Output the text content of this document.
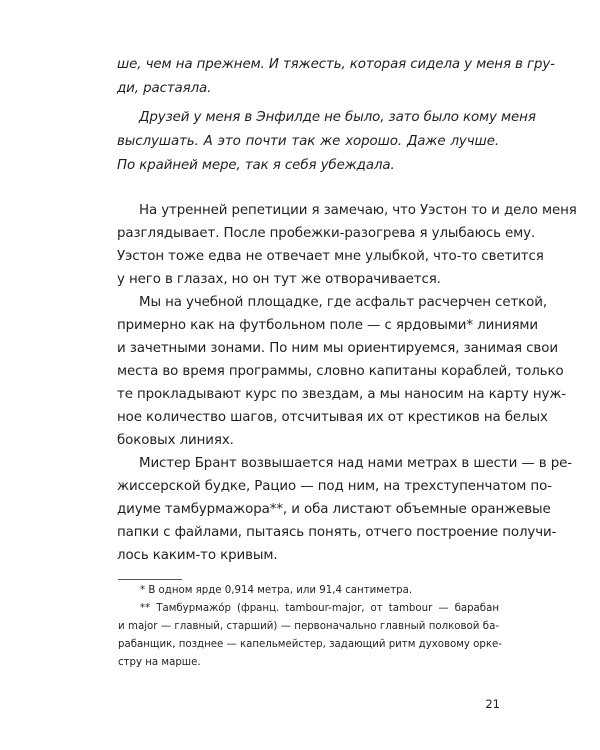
ше, чем на прежнем. И тяжесть, которая сидела у меня в гру-
ди, растаяла.
Друзей у меня в Энфилде не было, зато было кому меня
выслушать. А это почти так же хорошо. Даже лучше.
По крайней мере, так я себя убеждала.
На утренней репетиции я замечаю, что Уэстон то и дело меня
разглядывает. После пробежки-разогрева я улыбаюсь ему.
Уэстон тоже едва не отвечает мне улыбкой, что-то светится
у него в глазах, но он тут же отворачивается.
Мы на учебной площадке, где асфальт расчерчен сеткой,
примерно как на футбольном поле — с ярдовыми* линиями
и зачетными зонами. По ним мы ориентируемся, занимая свои
места во время программы, словно капитаны кораблей, только
те прокладывают курс по звездам, а мы наносим на карту нуж-
ное количество шагов, отсчитывая их от крестиков на белых
боковых линиях.
Мистер Брант возвышается над нами метрах в шести — в ре-
жиссерской будке, Рацио — под ним, на трехступенчатом по-
диуме тамбурмажора**, и оба листают объемные оранжевые
папки с файлами, пытаясь понять, отчего построение получи-
лось каким-то кривым.
* В одном ярде 0,914 метра, или 91,4 сантиметра.
** Тамбурмажо́р (франц. tambour-major, от tambour — барабан
и major — главный, старший) — первоначально главный полковой ба-
рабанщик, позднее — капельмейстер, задающий ритм духовому орке-
стру на марше.
21
